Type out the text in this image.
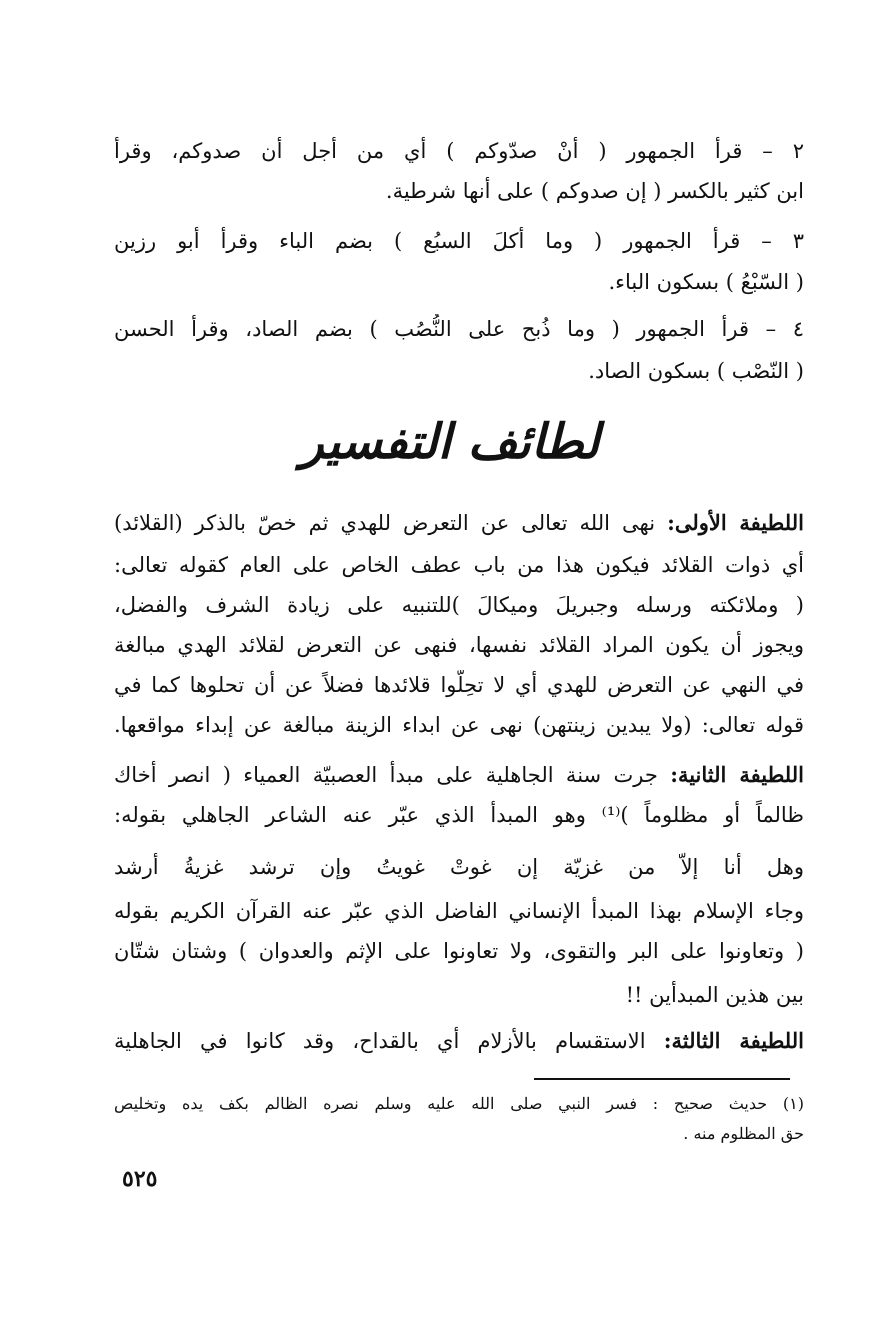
٢ – قرأ الجمهور ( أنْ صدّوكم ) أي من أجل أن صدوكم، وقرأ
ابن كثير بالكسر ( إن صدوكم ) على أنها شرطية.
٣ – قرأ الجمهور ( وما أكلَ السبُع ) بضم الباء وقرأ أبو رزين
( السّبْعُ ) بسكون الباء.
٤ – قرأ الجمهور ( وما ذُبح على النُّصُب ) بضم الصاد، وقرأ الحسن
( النّصْب ) بسكون الصاد.
لطائف التفسير
اللطيفة الأولى: نهى الله تعالى عن التعرض للهدي ثم خصّ بالذكر (القلائد)
أي ذوات القلائد فيكون هذا من باب عطف الخاص على العام كقوله تعالى:
( وملائكته ورسله وجبريلَ وميكالَ )للتنبيه على زيادة الشرف والفضل،
ويجوز أن يكون المراد القلائد نفسها، فنهى عن التعرض لقلائد الهدي مبالغة
في النهي عن التعرض للهدي أي لا تحِلّوا قلائدها فضلاً عن أن تحلوها كما في
قوله تعالى: (ولا يبدين زينتهن) نهى عن ابداء الزينة مبالغة عن إبداء مواقعها.
اللطيفة الثانية: جرت سنة الجاهلية على مبدأ العصبيّة العمياء ( انصر أخاك
ظالماً أو مظلوماً )⁽¹⁾ وهو المبدأ الذي عبّر عنه الشاعر الجاهلي بقوله:
وهل أنا إلاّ من غزيّة إن غوتْ غويتُ وإن ترشد غزيةُ أرشد
وجاء الإسلام بهذا المبدأ الإنساني الفاضل الذي عبّر عنه القرآن الكريم بقوله
( وتعاونوا على البر والتقوى، ولا تعاونوا على الإثم والعدوان ) وشتان شتّان
بين هذين المبدأين !!
اللطيفة الثالثة: الاستقسام بالأزلام أي بالقداح، وقد كانوا في الجاهلية
(١) حديث صحيح : فسر النبي صلى الله عليه وسلم نصره الظالم بكف يده وتخليص
حق المظلوم منه .
٥٢٥
